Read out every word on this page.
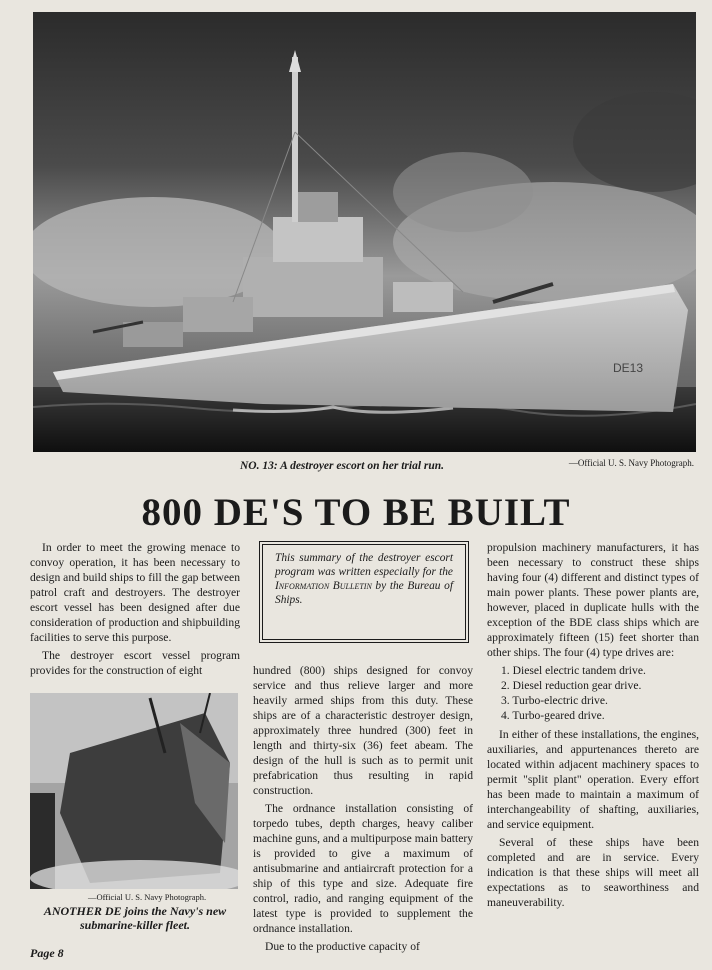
DE13
NO. 13: A destroyer escort on her trial run.	—Official U. S. Navy Photograph.
800 DE'S TO BE BUILT

In order to meet the growing menace to convoy operation, it has been necessary to design and build ships to fill the gap between patrol craft and destroyers. The destroyer escort vessel has been designed after due consideration of production and shipbuilding facilities to serve this purpose.

The destroyer escort vessel program provides for the construction of eight

This summary of the destroyer escort program was written especially for the Information Bulletin by the Bureau of Ships.

hundred (800) ships designed for convoy service and thus relieve larger and more heavily armed ships from this duty. These ships are of a characteristic destroyer design, approximately three hundred (300) feet in length and thirty-six (36) feet abeam. The design of the hull is such as to permit unit prefabrication thus resulting in rapid construction.

The ordnance installation consisting of torpedo tubes, depth charges, heavy caliber machine guns, and a multipurpose main battery is provided to give a maximum of antisubmarine and antiaircraft protection for a ship of this type and size. Adequate fire control, radio, and ranging equipment of the latest type is provided to supplement the ordnance installation.

Due to the productive capacity of

propulsion machinery manufacturers, it has been necessary to construct these ships having four (4) different and distinct types of main power plants. These power plants are, however, placed in duplicate hulls with the exception of the BDE class ships which are approximately fifteen (15) feet shorter than other ships. The four (4) type drives are:

1. Diesel electric tandem drive.
2. Diesel reduction gear drive.
3. Turbo-electric drive.
4. Turbo-geared drive.

In either of these installations, the engines, auxiliaries, and appurtenances thereto are located within adjacent machinery spaces to permit "split plant" operation. Every effort has been made to maintain a maximum of interchangeability of shafting, auxiliaries, and service equipment.

Several of these ships have been completed and are in service. Every indication is that these ships will meet all expectations as to seaworthiness and maneuverability.

—Official U. S. Navy Photograph.
ANOTHER DE joins the Navy's new submarine-killer fleet.
Page 8
